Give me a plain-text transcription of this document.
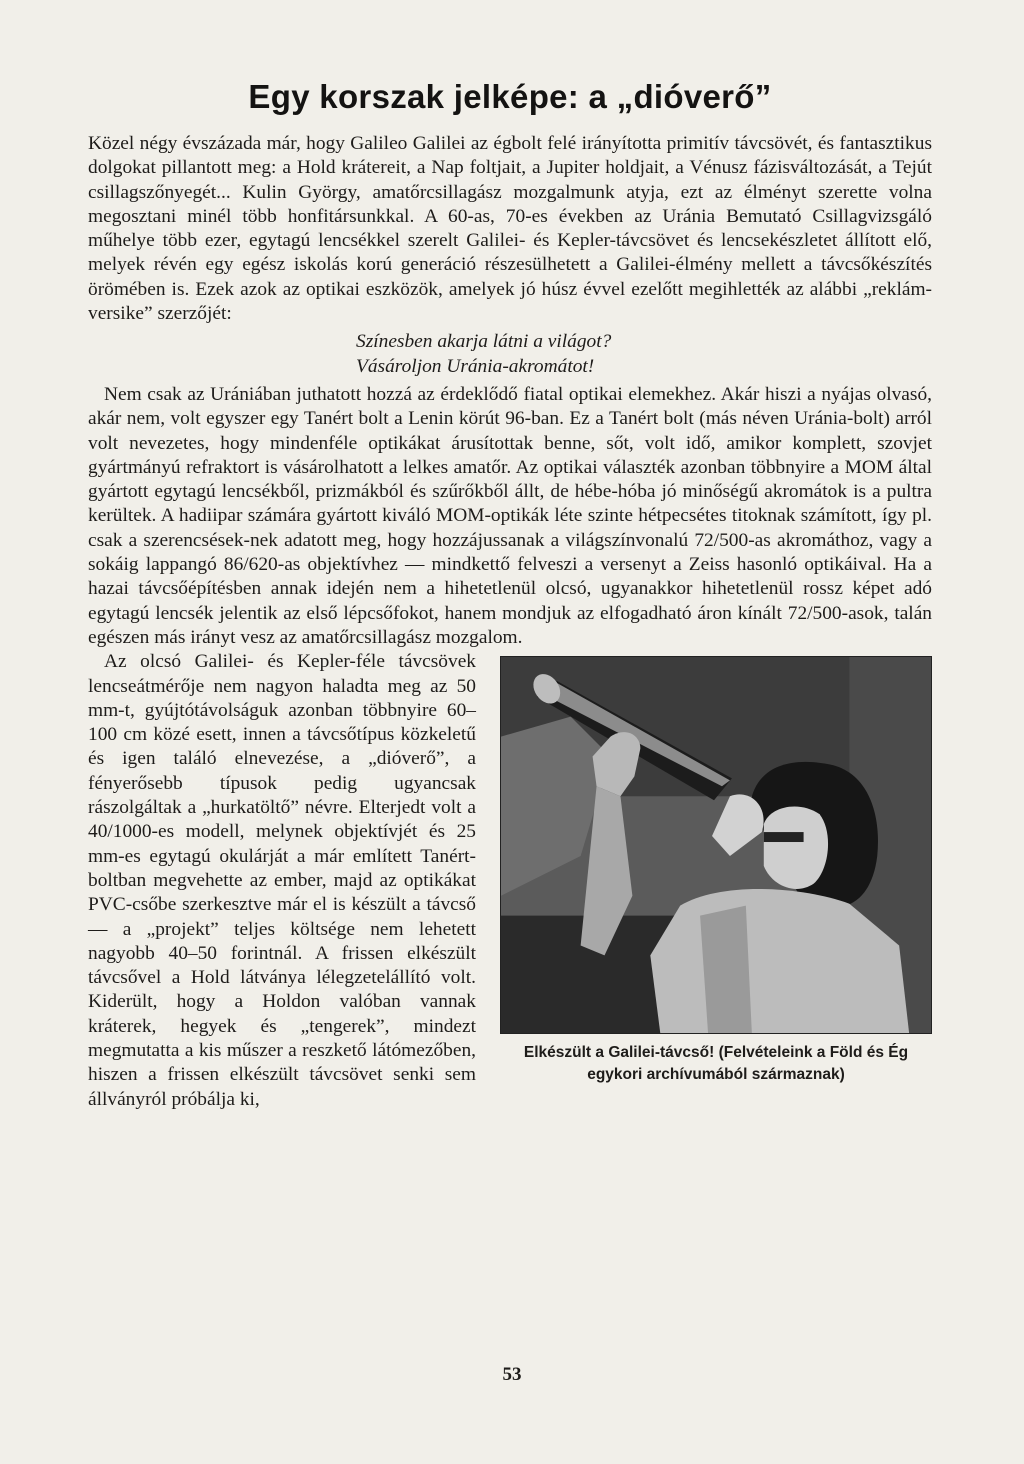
Egy korszak jelképe: a „dióverő”

Közel négy évszázada már, hogy Galileo Galilei az égbolt felé irányította primitív távcsövét, és fantasztikus dolgokat pillantott meg: a Hold krátereit, a Nap foltjait, a Jupiter holdjait, a Vénusz fázisváltozását, a Tejút csillagszőnyegét... Kulin György, amatőrcsillagász mozgalmunk atyja, ezt az élményt szerette volna megosztani minél több honfitársunkkal. A 60-as, 70-es években az Uránia Bemutató Csillagvizsgáló műhelye több ezer, egytagú lencsékkel szerelt Galilei- és Kepler-távcsövet és lencsekészletet állított elő, melyek révén egy egész iskolás korú generáció részesülhetett a Galilei-élmény mellett a távcsőkészítés örömében is. Ezek azok az optikai eszközök, amelyek jó húsz évvel ezelőtt megihlették az alábbi „reklám-versike” szerzőjét:

Színesben akarja látni a világot?
Vásároljon Uránia-akromátot!

Nem csak az Urániában juthatott hozzá az érdeklődő fiatal optikai elemekhez. Akár hiszi a nyájas olvasó, akár nem, volt egyszer egy Tanért bolt a Lenin körút 96-ban. Ez a Tanért bolt (más néven Uránia-bolt) arról volt nevezetes, hogy mindenféle optikákat árusítottak benne, sőt, volt idő, amikor komplett, szovjet gyártmányú refraktort is vásárolhatott a lelkes amatőr. Az optikai választék azonban többnyire a MOM által gyártott egytagú lencsékből, prizmákból és szűrőkből állt, de hébe-hóba jó minőségű akromátok is a pultra kerültek. A hadiipar számára gyártott kiváló MOM-optikák léte szinte hétpecsétes titoknak számított, így pl. csak a szerencsések-nek adatott meg, hogy hozzájussanak a világszínvonalú 72/500-as akromáthoz, vagy a sokáig lappangó 86/620-as objektívhez — mindkettő felveszi a versenyt a Zeiss hasonló optikáival. Ha a hazai távcsőépítésben annak idején nem a hihetetlenül olcsó, ugyanakkor hihetetlenül rossz képet adó egytagú lencsék jelentik az első lépcsőfokot, hanem mondjuk az elfogadható áron kínált 72/500-asok, talán egészen más irányt vesz az amatőrcsillagász mozgalom.

Elkészült a Galilei-távcső! (Felvételeink a Föld és Ég egykori archívumából származnak)

Az olcsó Galilei- és Kepler-féle távcsövek lencseátmérője nem nagyon haladta meg az 50 mm-t, gyújtótávolságuk azonban többnyire 60–100 cm közé esett, innen a távcsőtípus közkeletű és igen találó elnevezése, a „dióverő”, a fényerősebb típusok pedig ugyancsak rászolgáltak a „hurkatöltő” névre. Elterjedt volt a 40/1000-es modell, melynek objektívjét és 25 mm-es egytagú okulárját a már említett Tanért-boltban megvehette az ember, majd az optikákat PVC-csőbe szerkesztve már el is készült a távcső — a „projekt” teljes költsége nem lehetett nagyobb 40–50 forintnál. A frissen elkészült távcsővel a Hold látványa lélegzetelállító volt. Kiderült, hogy a Holdon valóban vannak kráterek, hegyek és „tengerek”, mindezt megmutatta a kis műszer a reszkető látómezőben, hiszen a frissen elkészült távcsövet senki sem állványról próbálja ki,

53
